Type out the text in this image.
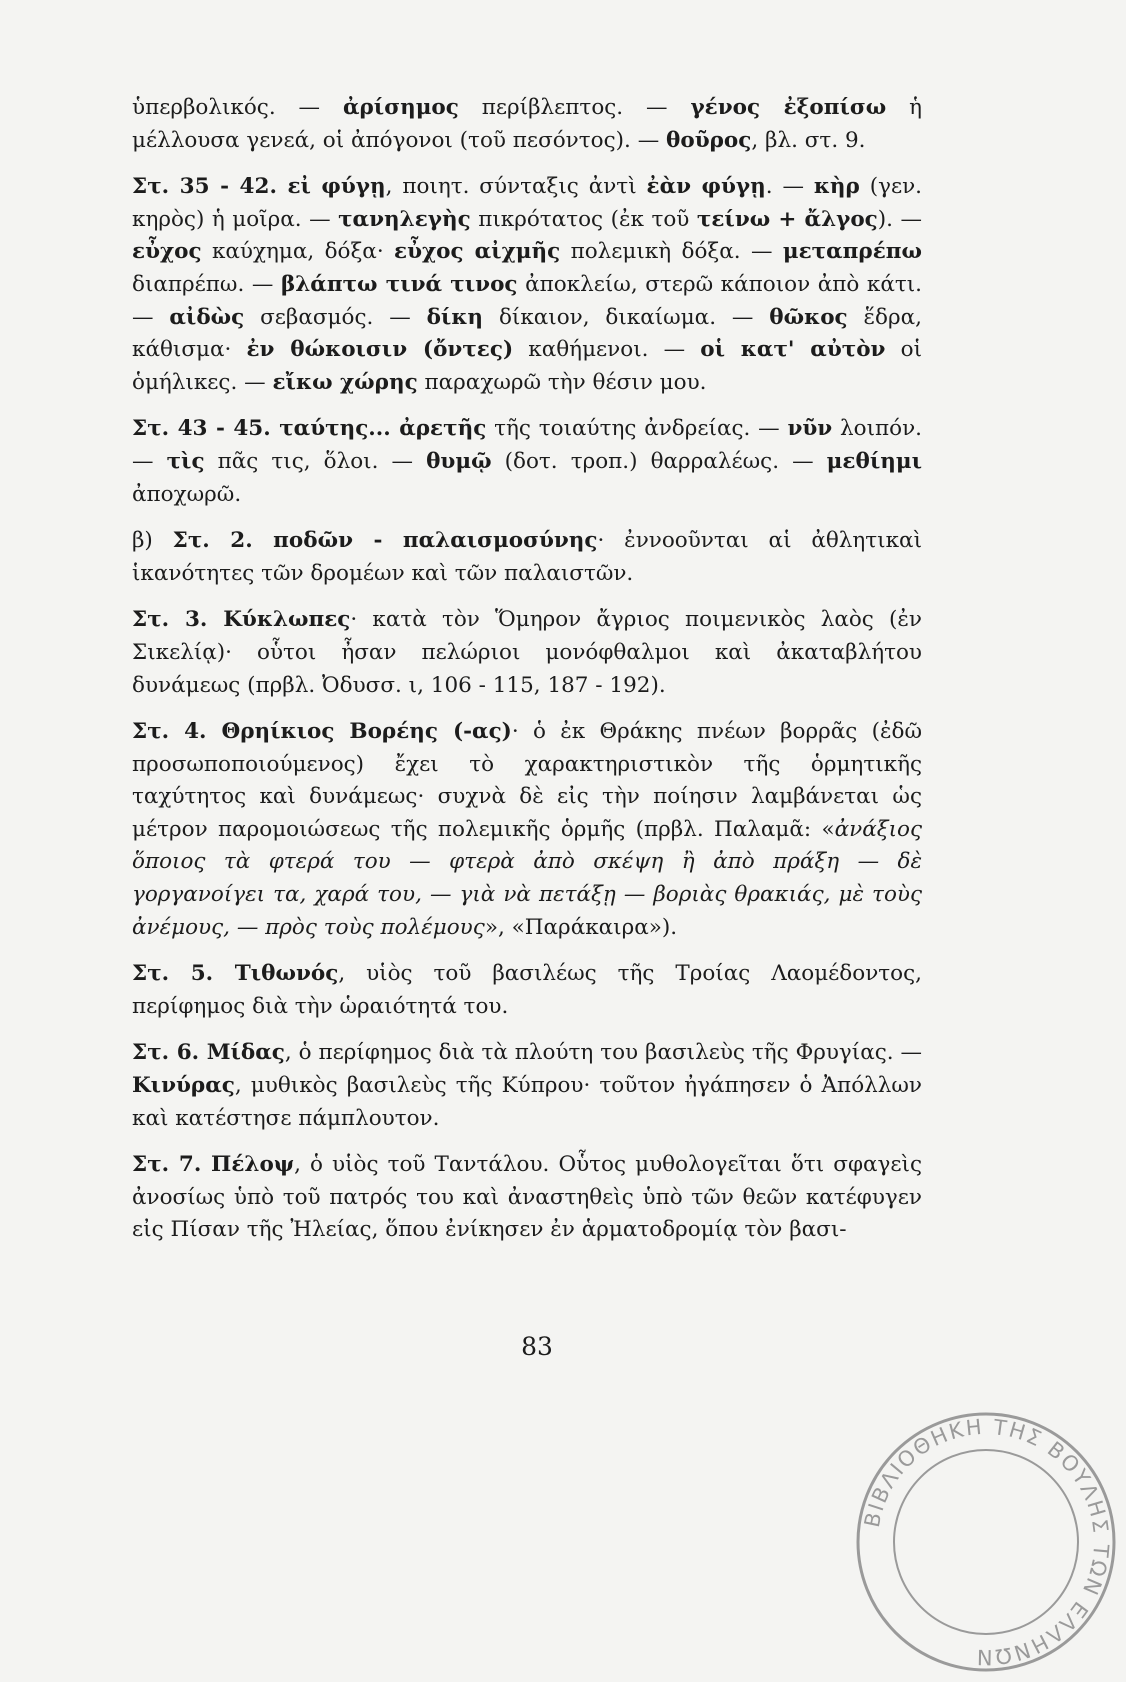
ὑπερβολικός. — ἀρίσημος περίβλεπτος. — γένος ἐξοπίσω ἡ μέλλουσα γενεά, οἱ ἀπόγονοι (τοῦ πεσόντος). — θοῦρος, βλ. στ. 9.

Στ. 35 - 42. εἰ φύγῃ, ποιητ. σύνταξις ἀντὶ ἐὰν φύγῃ. — κὴρ (γεν. κηρὸς) ἡ μοῖρα. — τανηλεγὴς πικρότατος (ἐκ τοῦ τείνω + ἄλγος). — εὖχος καύχημα, δόξα· εὖχος αἰχμῆς πολεμικὴ δόξα. — μεταπρέπω διαπρέπω. — βλάπτω τινά τινος ἀποκλείω, στερῶ κάποιον ἀπὸ κάτι. — αἰδὼς σεβασμός. — δίκη δίκαιον, δικαίωμα. — θῶκος ἕδρα, κάθισμα· ἐν θώκοισιν (ὄντες) καθήμενοι. — οἱ κατ' αὐτὸν οἱ ὁμήλικες. — εἴκω χώρης παραχωρῶ τὴν θέσιν μου.

Στ. 43 - 45. ταύτης... ἀρετῆς τῆς τοιαύτης ἀνδρείας. — νῦν λοιπόν. — τὶς πᾶς τις, ὅλοι. — θυμῷ (δοτ. τροπ.) θαρραλέως. — μεθίημι ἀποχωρῶ.

β) Στ. 2. ποδῶν - παλαισμοσύνης· ἐννοοῦνται αἱ ἀθλητικαὶ ἱκανότητες τῶν δρομέων καὶ τῶν παλαιστῶν.

Στ. 3. Κύκλωπες· κατὰ τὸν Ὅμηρον ἄγριος ποιμενικὸς λαὸς (ἐν Σικελίᾳ)· οὗτοι ἦσαν πελώριοι μονόφθαλμοι καὶ ἀκαταβλήτου δυνάμεως (πρβλ. Ὀδυσσ. ι, 106 - 115, 187 - 192).

Στ. 4. Θρηίκιος Βορέης (-ας)· ὁ ἐκ Θράκης πνέων βορρᾶς (ἐδῶ προσωποποιούμενος) ἔχει τὸ χαρακτηριστικὸν τῆς ὁρμητικῆς ταχύτητος καὶ δυνάμεως· συχνὰ δὲ εἰς τὴν ποίησιν λαμβάνεται ὡς μέτρον παρομοιώσεως τῆς πολεμικῆς ὁρμῆς (πρβλ. Παλαμᾶ: «ἀνάξιος ὅποιος τὰ φτερά του — φτερὰ ἀπὸ σκέψη ἢ ἀπὸ πράξη — δὲ γοργανοίγει τα, χαρά του, — γιὰ νὰ πετάξῃ — βοριὰς θρακιάς, μὲ τοὺς ἀνέμους, — πρὸς τοὺς πολέμους», «Παράκαιρα»).

Στ. 5. Τιθωνός, υἱὸς τοῦ βασιλέως τῆς Τροίας Λαομέδοντος, περίφημος διὰ τὴν ὡραιότητά του.

Στ. 6. Μίδας, ὁ περίφημος διὰ τὰ πλούτη του βασιλεὺς τῆς Φρυγίας. — Κινύρας, μυθικὸς βασιλεὺς τῆς Κύπρου· τοῦτον ἠγάπησεν ὁ Ἀπόλλων καὶ κατέστησε πάμπλουτον.

Στ. 7. Πέλοψ, ὁ υἱὸς τοῦ Ταντάλου. Οὗτος μυθολογεῖται ὅτι σφαγεὶς ἀνοσίως ὑπὸ τοῦ πατρός του καὶ ἀναστηθεὶς ὑπὸ τῶν θεῶν κατέφυγεν εἰς Πίσαν τῆς Ἠλείας, ὅπου ἐνίκησεν ἐν ἁρματοδρομίᾳ τὸν βασι-

83
ΒΙΒΛΙΟΘΗΚΗ ΤΗΣ ΒΟΥΛΗΣ ΤΩΝ ΕΛΛΗΝΩΝ
